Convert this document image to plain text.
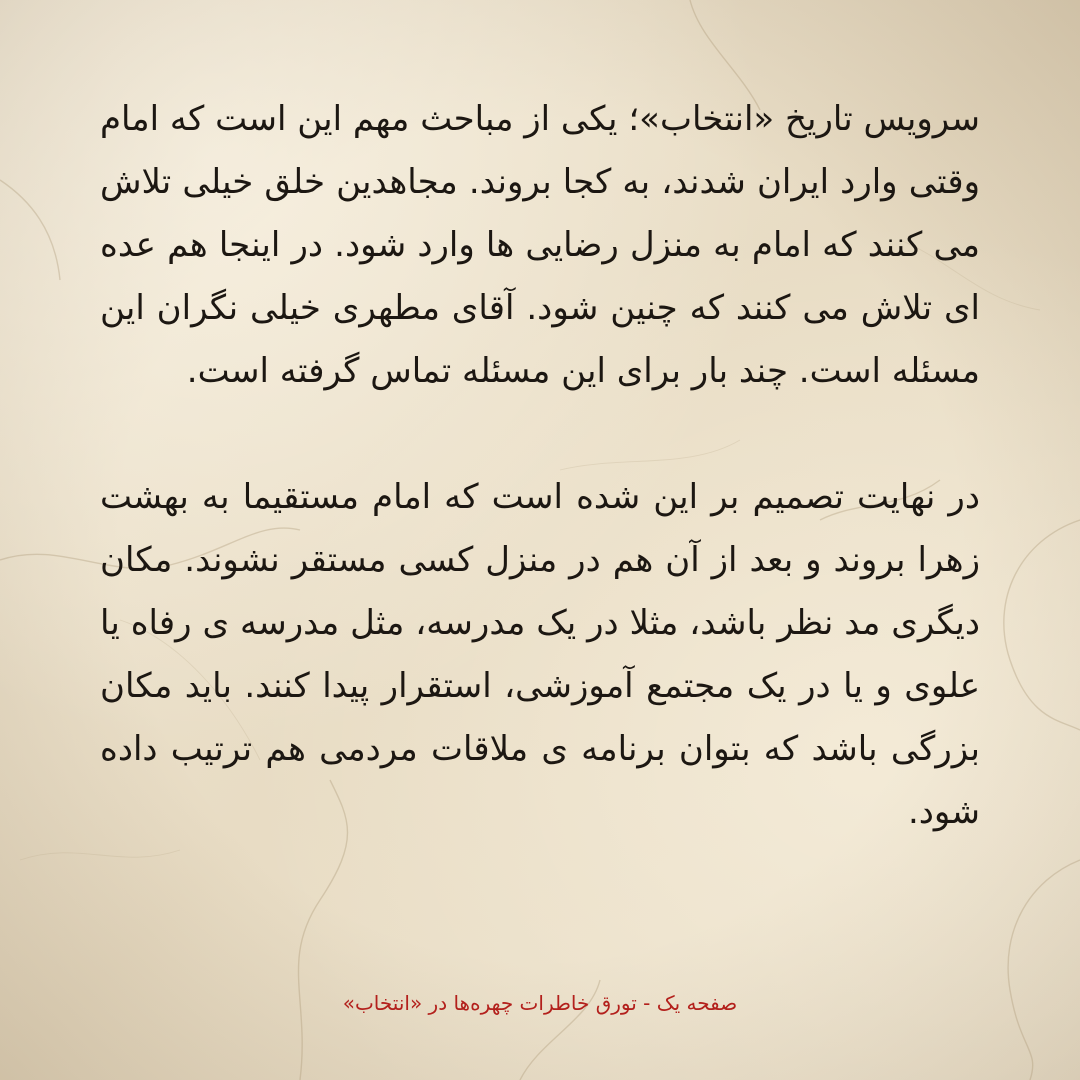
سرویس تاریخ «انتخاب»؛ یکی از مباحث مهم این است که امام وقتی وارد ایران شدند، به کجا بروند. مجاهدین خلق خیلی تلاش می کنند که امام به منزل رضایی ها وارد شود. در اینجا هم عده ای تلاش می کنند که چنین شود. آقای مطهری خیلی نگران این مسئله است. چند بار برای این مسئله تماس گرفته است.

در نهایت تصمیم بر این شده است که امام مستقیما به بهشت زهرا بروند و بعد از آن هم در منزل کسی مستقر نشوند. مکان دیگری مد نظر باشد، مثلا در یک مدرسه، مثل مدرسه ی رفاه یا علوی و یا در یک مجتمع آموزشی، استقرار پیدا کنند. باید مکان بزرگی باشد که بتوان برنامه ی ملاقات مردمی هم ترتیب داده شود.

صفحه یک - تورق خاطرات چهره‌ها در «انتخاب»
